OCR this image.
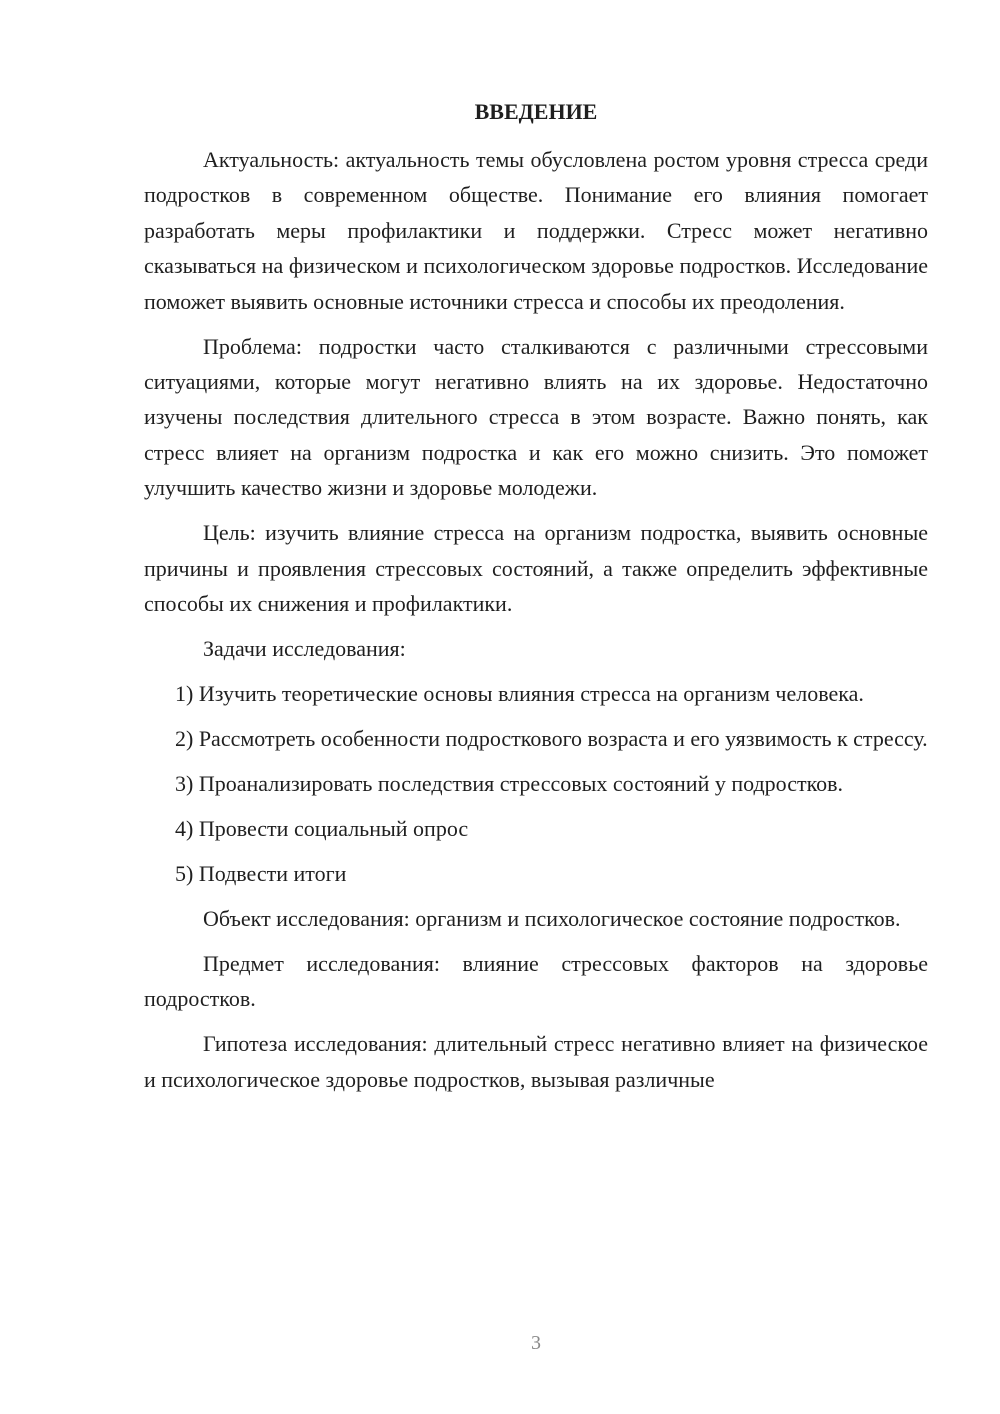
ВВЕДЕНИЕ
Актуальность: актуальность темы обусловлена ростом уровня стресса среди подростков в современном обществе. Понимание его влияния помогает разработать меры профилактики и поддержки. Стресс может негативно сказываться на физическом и психологическом здоровье подростков. Исследование поможет выявить основные источники стресса и способы их преодоления.
Проблема: подростки часто сталкиваются с различными стрессовыми ситуациями, которые могут негативно влиять на их здоровье. Недостаточно изучены последствия длительного стресса в этом возрасте. Важно понять, как стресс влияет на организм подростка и как его можно снизить. Это поможет улучшить качество жизни и здоровье молодежи.
Цель: изучить влияние стресса на организм подростка, выявить основные причины и проявления стрессовых состояний, а также определить эффективные способы их снижения и профилактики.
Задачи исследования:
1) Изучить теоретические основы влияния стресса на организм человека.
2) Рассмотреть особенности подросткового возраста и его уязвимость к стрессу.
3) Проанализировать последствия стрессовых состояний у подростков.
4) Провести социальный опрос
5) Подвести итоги
Объект исследования: организм и психологическое состояние подростков.
Предмет исследования: влияние стрессовых факторов на здоровье подростков.
Гипотеза исследования: длительный стресс негативно влияет на физическое и психологическое здоровье подростков, вызывая различные
3
